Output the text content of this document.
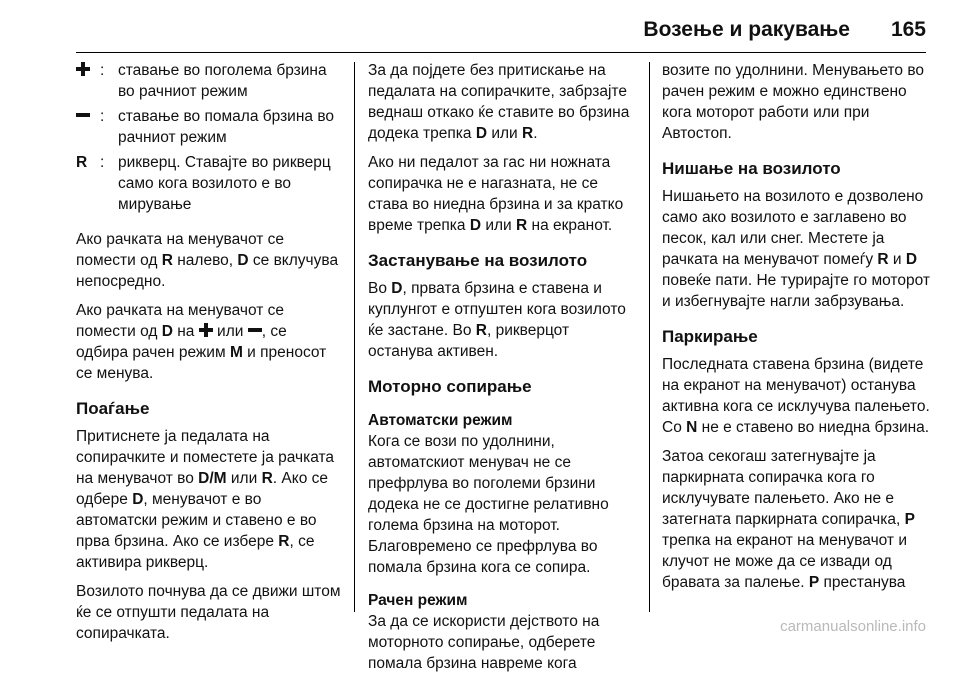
Возење и ракување 165
: ставање во поголема брзина во рачниот режим
: ставање во помала брзина во рачниот режим
R : рикверц. Ставајте во рикверц само кога возилото е во мирување

Ако рачката на менувачот се помести од R налево, D се вклучува непосредно.

Ако рачката на менувачот се помести од D на  или , се одбира рачен режим M и преносот се менува.

Поаѓање

Притиснете ја педалата на сопирачките и поместете ја рачката на менувачот во D/M или R. Ако се одбере D, менувачот е во автоматски режим и ставено е во прва брзина. Ако се избере R, се активира рикверц.

Возилото почнува да се движи штом ќе се отпушти педалата на сопирачката.

За да појдете без притискање на педалата на сопирачките, забрзајте веднаш откако ќе ставите во брзина додека трепка D или R.

Ако ни педалот за гас ни ножната сопирачка не е нагазната, не се става во ниедна брзина и за кратко време трепка D или R на екранот.

Застанување на возилото

Во D, првата брзина е ставена и куплунгот е отпуштен кога возилото ќе застане. Во R, рикверцот останува активен.

Моторно сопирање
Автоматски режим

Кога се вози по удолнини, автоматскиот менувач не се префрлува во поголеми брзини додека не се достигне релативно голема брзина на моторот. Благовремено се префрлува во помала брзина кога се сопира.

Рачен режим

За да се искористи дејството на моторното сопирање, одберете помала брзина навреме кога

возите по удолнини. Менувањето во рачен режим е можно единствено кога моторот работи или при Автостоп.

Нишање на возилото

Нишањето на возилото е дозволено само ако возилото е заглавено во песок, кал или снег. Местете ја рачката на менувачот помеѓу R и D повеќе пати. Не турирајте го моторот и избегнувајте нагли забрзувања.

Паркирање

Последната ставена брзина (видете на екранот на менувачот) останува активна кога се исклучува палењето. Со N не е ставено во ниедна брзина.

Затоа секогаш затегнувајте ја паркирната сопирачка кога го исклучувате палењето. Ако не е затегната паркирната сопирачка, P трепка на екранот на менувачот и клучот не може да се извади од бравата за палење. P престанува

carmanualsonline.info
